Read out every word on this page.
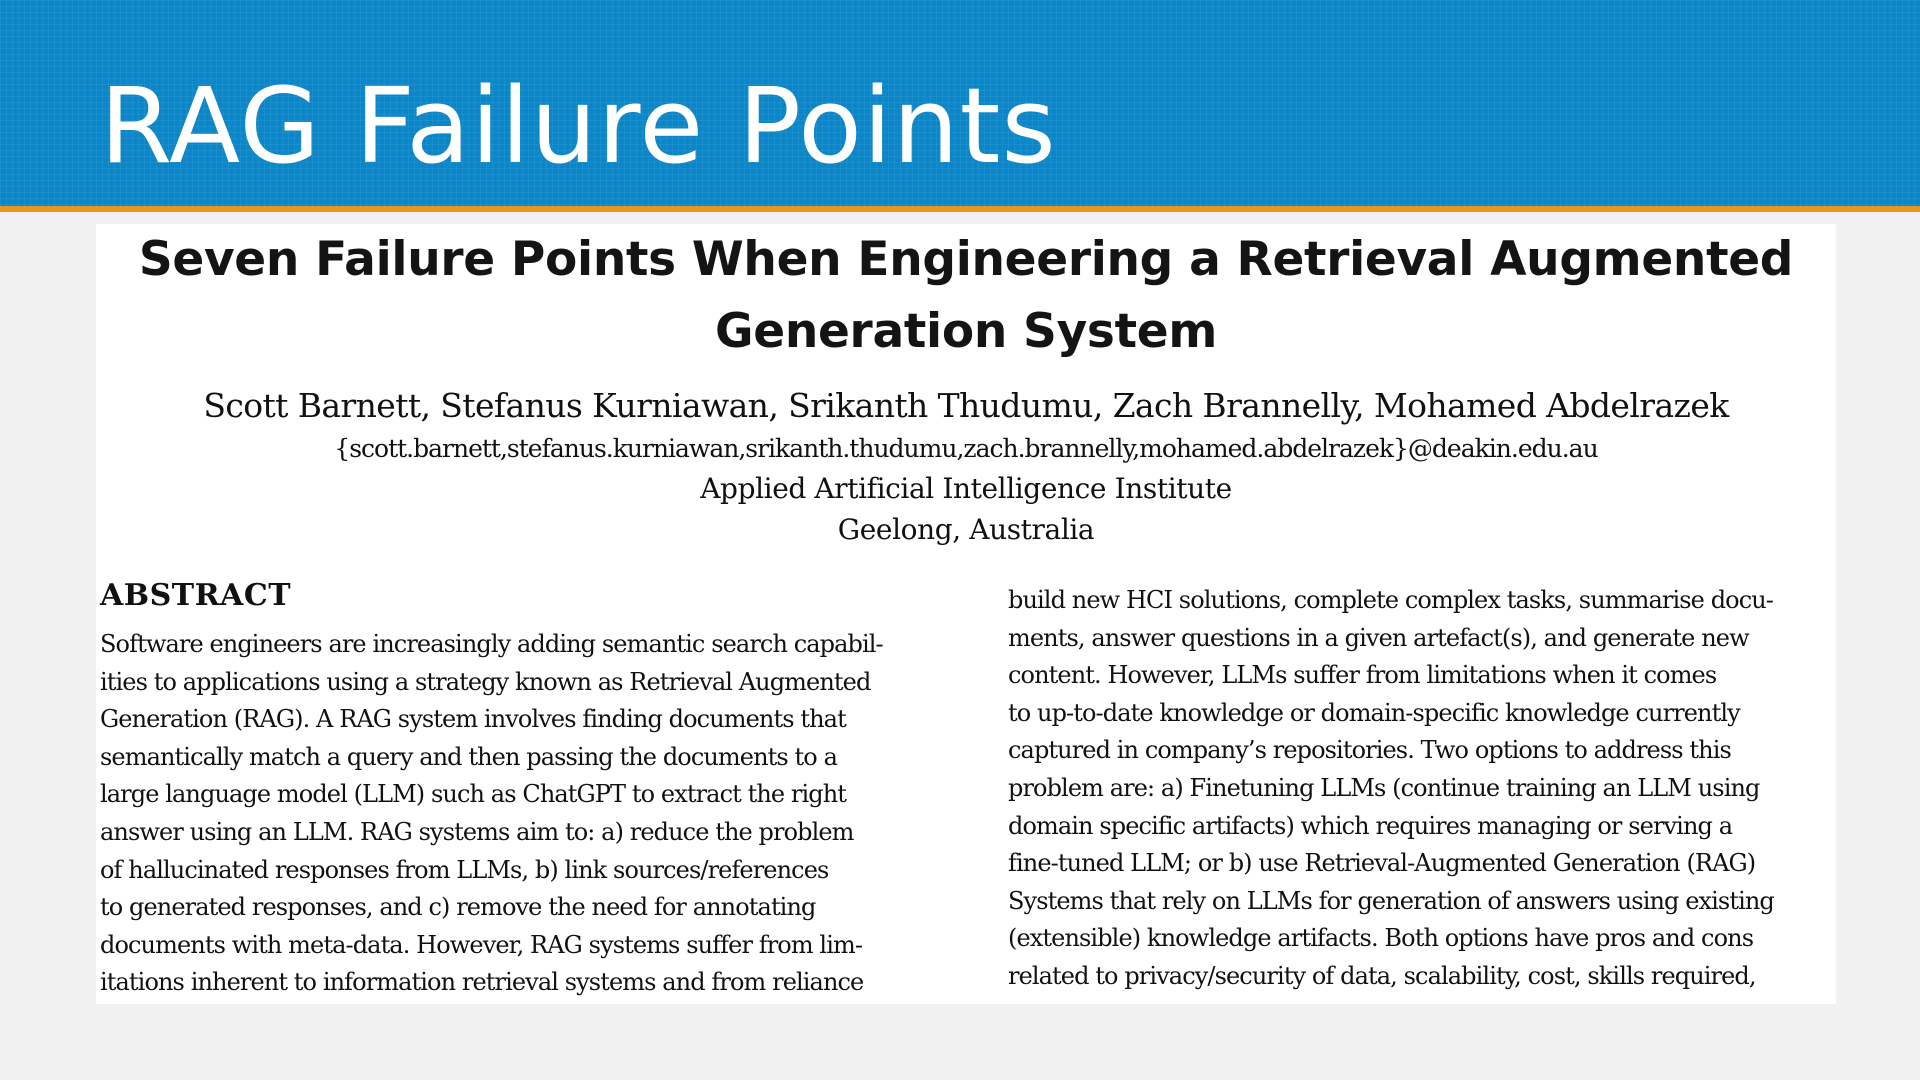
RAG Failure Points
Seven Failure Points When Engineering a Retrieval Augmented
Generation System
Scott Barnett, Stefanus Kurniawan, Srikanth Thudumu, Zach Brannelly, Mohamed Abdelrazek
{scott.barnett,stefanus.kurniawan,srikanth.thudumu,zach.brannelly,mohamed.abdelrazek}@deakin.edu.au
Applied Artificial Intelligence Institute
Geelong, Australia
ABSTRACT
Software engineers are increasingly adding semantic search capabil-
ities to applications using a strategy known as Retrieval Augmented
Generation (RAG). A RAG system involves finding documents that
semantically match a query and then passing the documents to a
large language model (LLM) such as ChatGPT to extract the right
answer using an LLM. RAG systems aim to: a) reduce the problem
of hallucinated responses from LLMs, b) link sources/references
to generated responses, and c) remove the need for annotating
documents with meta-data. However, RAG systems suffer from lim-
itations inherent to information retrieval systems and from reliance
build new HCI solutions, complete complex tasks, summarise docu-
ments, answer questions in a given artefact(s), and generate new
content. However, LLMs suffer from limitations when it comes
to up-to-date knowledge or domain-specific knowledge currently
captured in company’s repositories. Two options to address this
problem are: a) Finetuning LLMs (continue training an LLM using
domain specific artifacts) which requires managing or serving a
fine-tuned LLM; or b) use Retrieval-Augmented Generation (RAG)
Systems that rely on LLMs for generation of answers using existing
(extensible) knowledge artifacts. Both options have pros and cons
related to privacy/security of data, scalability, cost, skills required,
